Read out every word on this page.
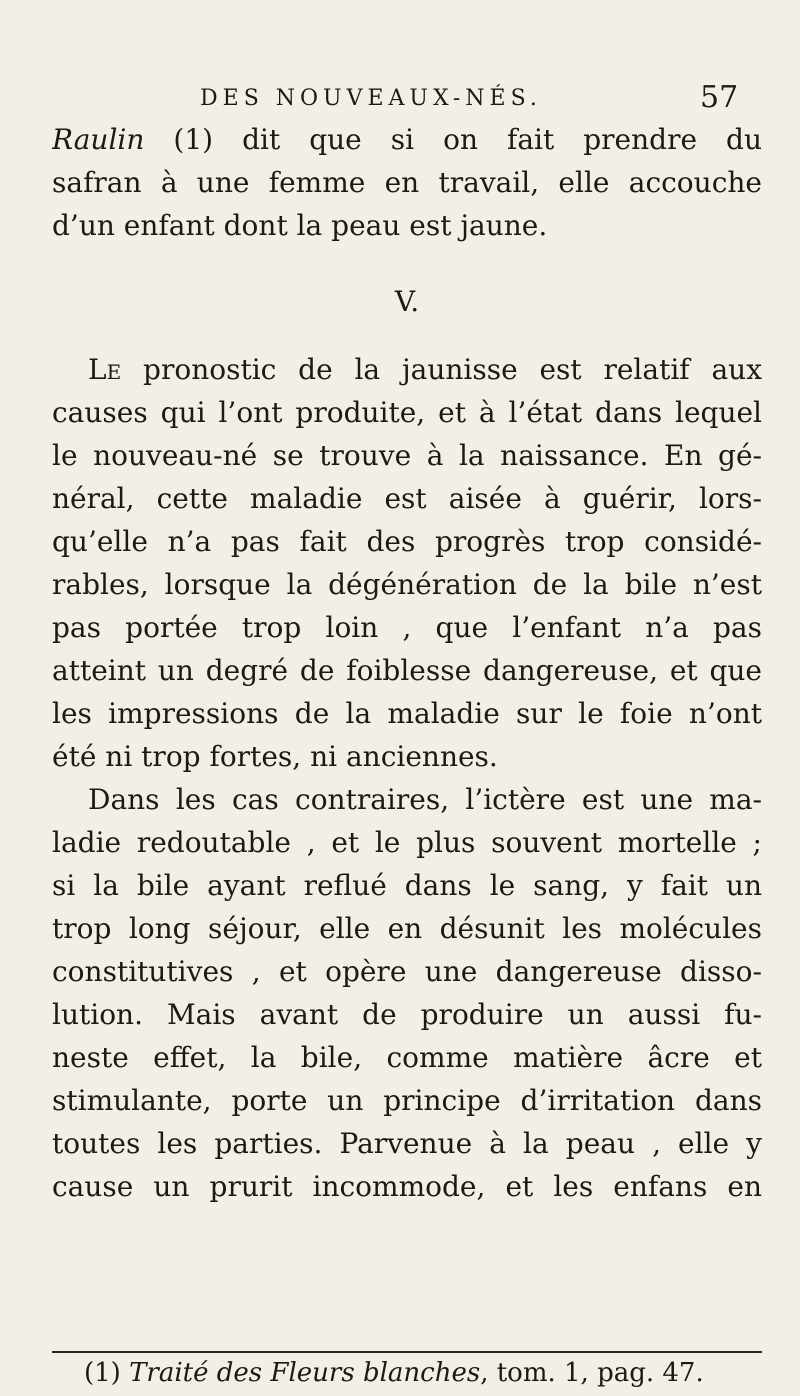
DES NOUVEAUX-NÉS.	57
Raulin (1) dit que si on fait prendre du
safran à une femme en travail, elle accouche
d’un enfant dont la peau est jaune.
V.
Le pronostic de la jaunisse est relatif aux
causes qui l’ont produite, et à l’état dans lequel
le nouveau-né se trouve à la naissance. En gé-
néral, cette maladie est aisée à guérir, lors-
qu’elle n’a pas fait des progrès trop considé-
rables, lorsque la dégénération de la bile n’est
pas portée trop loin , que l’enfant n’a pas
atteint un degré de foiblesse dangereuse, et que
les impressions de la maladie sur le foie n’ont
été ni trop fortes, ni anciennes.
Dans les cas contraires, l’ictère est une ma-
ladie redoutable , et le plus souvent mortelle ;
si la bile ayant reflué dans le sang, y fait un
trop long séjour, elle en désunit les molécules
constitutives , et opère une dangereuse disso-
lution. Mais avant de produire un aussi fu-
neste effet, la bile, comme matière âcre et
stimulante, porte un principe d’irritation dans
toutes les parties. Parvenue à la peau , elle y
cause un prurit incommode, et les enfans en
(1) Traité des Fleurs blanches, tom. 1, pag. 47.
